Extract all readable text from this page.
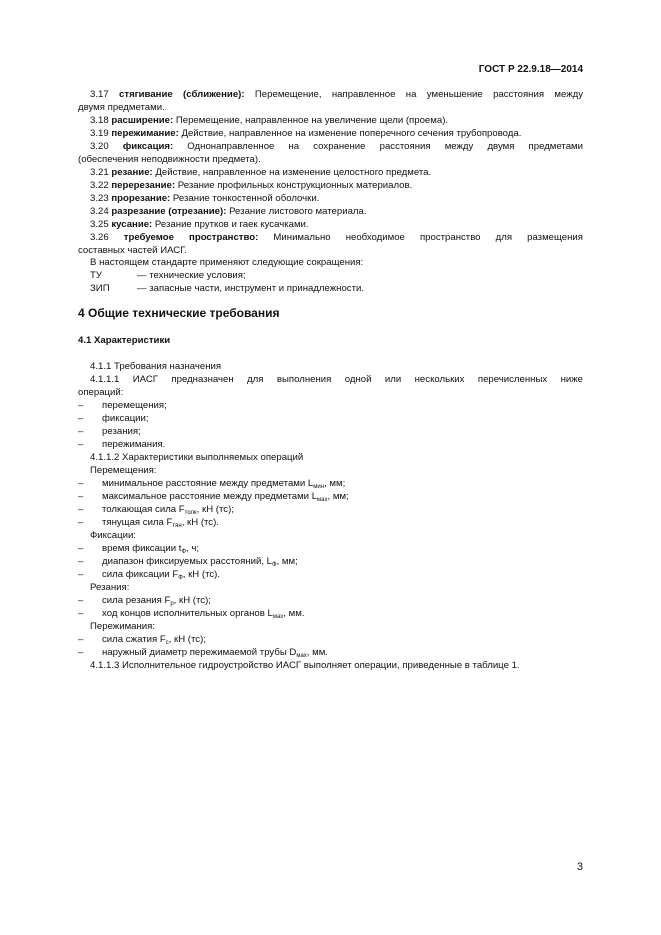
ГОСТ Р 22.9.18—2014
3.17 стягивание (сближение): Перемещение, направленное на уменьшение расстояния между
двумя предметами.
3.18 расширение: Перемещение, направленное на увеличение щели (проема).
3.19 пережимание: Действие, направленное на изменение поперечного сечения трубопровода.
3.20 фиксация: Однонаправленное на сохранение расстояния между двумя предметами
(обеспечения неподвижности предмета).
3.21 резание: Действие, направленное на изменение целостного предмета.
3.22 перерезание: Резание профильных конструкционных материалов.
3.23 прорезание: Резание тонкостенной оболочки.
3.24 разрезание (отрезание): Резание листового материала.
3.25 кусание: Резание прутков и гаек кусачками.
3.26 требуемое пространство: Минимально необходимое пространство для размещения
составных частей ИАСГ.
В настоящем стандарте применяют следующие сокращения:
ТУ	— технические условия;
ЗИП	— запасные части, инструмент и принадлежности.
4 Общие технические требования
4.1 Характеристики
4.1.1 Требования назначения
4.1.1.1 ИАСГ предназначен для выполнения одной или нескольких перечисленных ниже
операций:
–	перемещения;
–	фиксации;
–	резания;
–	пережимания.
4.1.1.2 Характеристики выполняемых операций
Перемещения:
–	минимальное расстояние между предметами $L_{мин}$, мм;
–	максимальное расстояние между предметами $L_{мах}$, мм;
–	толкающая сила $F_{толк}$, кН (тс);
–	тянущая сила $F_{тян}$, кН (тс).
Фиксации:
–	время фиксации $t_Ф$, ч;
–	диапазон фиксируемых расстояний, $L_Ф$, мм;
–	сила фиксации $F_Ф$, кН (тс).
Резания:
–	сила резания $F_р$, кН (тс);
–	ход концов исполнительных органов $L_{мах}$, мм.
Пережимания:
–	сила сжатия $F_с$, кН (тс);
–	наружный диаметр пережимаемой трубы $D_{мах}$, мм.
4.1.1.3 Исполнительное гидроустройство ИАСГ выполняет операции, приведенные в таблице 1.
3
